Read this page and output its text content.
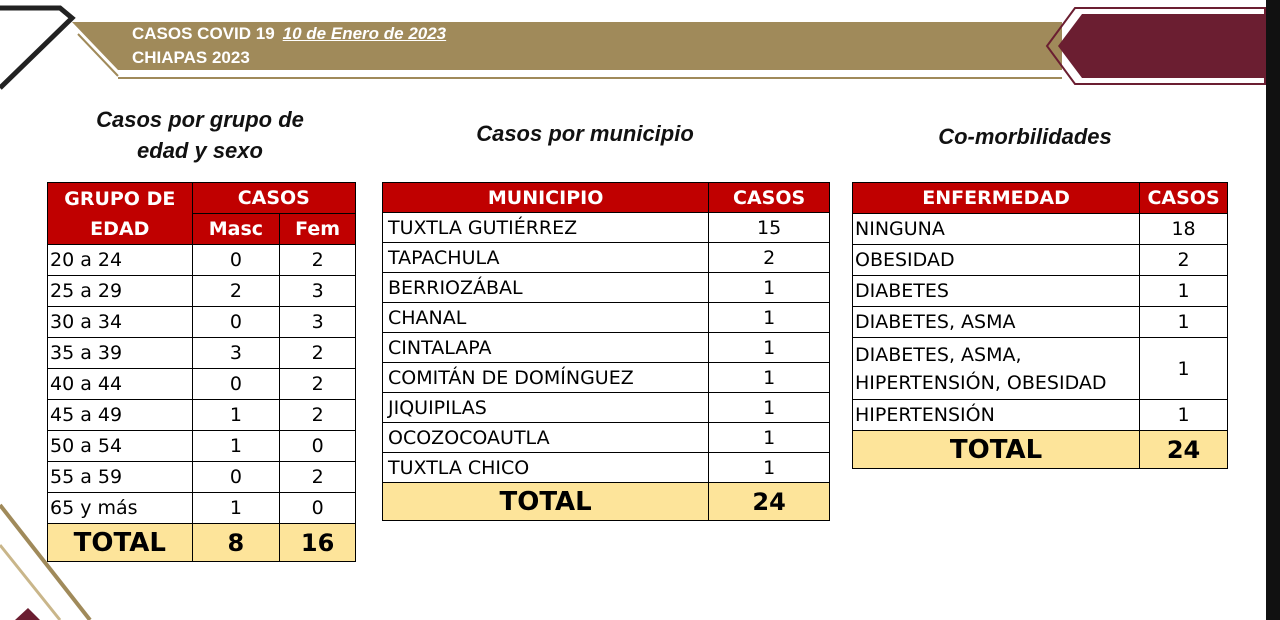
CASOS COVID 19 10 de Enero de 2023
CHIAPAS 2023
Casos por grupo de
edad y sexo
Casos por municipio	Co-morbilidades
GRUPO DE
EDAD	CASOS	
	Masc	Fem
20 a 24	0	2
25 a 29	2	3
30 a 34	0	3
35 a 39	3	2
40 a 44	0	2
45 a 49	1	2
50 a 54	1	0
55 a 59	0	2
65 y más	1	0
TOTAL	8	16
MUNICIPIO	CASOS
TUXTLA GUTIÉRREZ	15
TAPACHULA	2
BERRIOZÁBAL	1
CHANAL	1
CINTALAPA	1
COMITÁN DE DOMÍNGUEZ	1
JIQUIPILAS	1
OCOZOCOAUTLA	1
TUXTLA CHICO	1
TOTAL	24
ENFERMEDAD	CASOS
NINGUNA	18
OBESIDAD	2
DIABETES	1
DIABETES, ASMA	1

DIABETES, ASMA,
HIPERTENSIÓN, OBESIDAD	1
HIPERTENSIÓN	1
TOTAL	24
